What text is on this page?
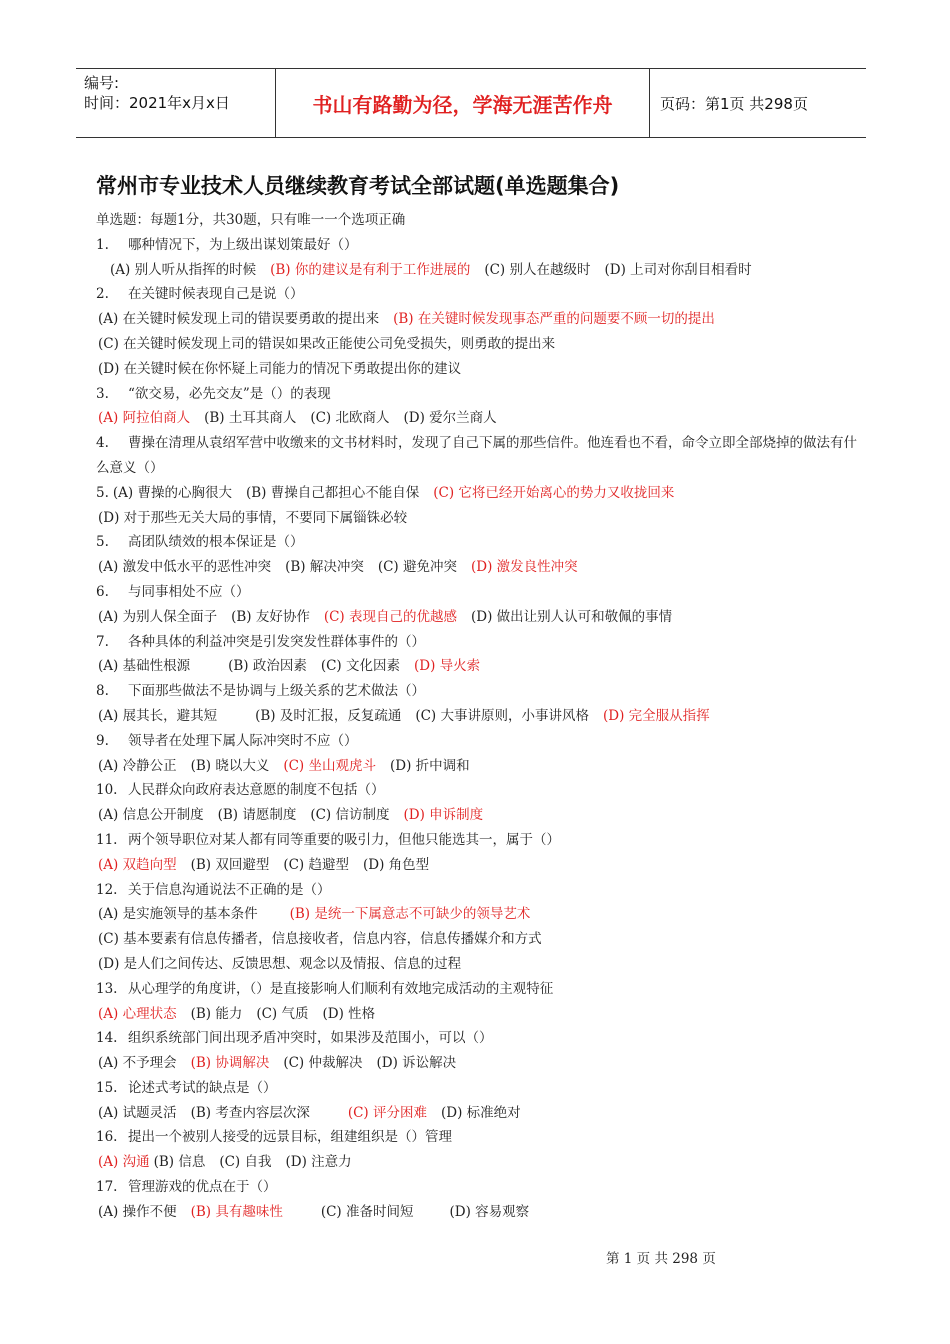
编号:
时间：2021年x月x日	书山有路勤为径，学海无涯苦作舟	页码：第1页 共298页
常州市专业技术人员继续教育考试全部试题(单选题集合)
单选题：每题1分，共30题，只有唯一一个选项正确
1. 哪种情况下，为上级出谋划策最好（）
(A) 别人听从指挥的时候 (B) 你的建议是有利于工作进展的 (C) 别人在越级时 (D) 上司对你刮目相看时
2. 在关键时候表现自己是说（）
(A) 在关键时候发现上司的错误要勇敢的提出来 (B) 在关键时候发现事态严重的问题要不顾一切的提出
(C) 在关键时候发现上司的错误如果改正能使公司免受损失，则勇敢的提出来
(D) 在关键时候在你怀疑上司能力的情况下勇敢提出你的建议
3. “欲交易，必先交友”是（）的表现
(A) 阿拉伯商人 (B) 土耳其商人 (C) 北欧商人 (D) 爱尔兰商人
4. 曹操在清理从袁绍军营中收缴来的文书材料时，发现了自己下属的那些信件。他连看也不看，命令立即全部烧掉的做法有什么意义（）
5. (A) 曹操的心胸很大 (B) 曹操自己都担心不能自保 (C) 它将已经开始离心的势力又收拢回来
(D) 对于那些无关大局的事情，不要同下属锱铢必较
5. 高团队绩效的根本保证是（）
(A) 激发中低水平的恶性冲突 (B) 解决冲突 (C) 避免冲突 (D) 激发良性冲突
6. 与同事相处不应（）
(A) 为别人保全面子 (B) 友好协作 (C) 表现自己的优越感 (D) 做出让别人认可和敬佩的事情
7. 各种具体的利益冲突是引发突发性群体事件的（）
(A) 基础性根源	(B) 政治因素 (C) 文化因素 (D) 导火索
8. 下面那些做法不是协调与上级关系的艺术做法（）
(A) 展其长，避其短	(B) 及时汇报，反复疏通 (C) 大事讲原则，小事讲风格 (D) 完全服从指挥
9. 领导者在处理下属人际冲突时不应（）
(A) 冷静公正 (B) 晓以大义 (C) 坐山观虎斗 (D) 折中调和
10. 人民群众向政府表达意愿的制度不包括（）
(A) 信息公开制度 (B) 请愿制度 (C) 信访制度 (D) 申诉制度
11. 两个领导职位对某人都有同等重要的吸引力，但他只能选其一，属于（）
(A) 双趋向型 (B) 双回避型 (C) 趋避型 (D) 角色型
12. 关于信息沟通说法不正确的是（）
(A) 是实施领导的基本条件 (B) 是统一下属意志不可缺少的领导艺术
(C) 基本要素有信息传播者，信息接收者，信息内容，信息传播媒介和方式
(D) 是人们之间传达、反馈思想、观念以及情报、信息的过程
13. 从心理学的角度讲，（）是直接影响人们顺利有效地完成活动的主观特征
(A) 心理状态 (B) 能力 (C) 气质 (D) 性格
14. 组织系统部门间出现矛盾冲突时，如果涉及范围小，可以（）
(A) 不予理会 (B) 协调解决 (C) 仲裁解决 (D) 诉讼解决
15. 论述式考试的缺点是（）
(A) 试题灵活 (B) 考查内容层次深	(C) 评分困难 (D) 标准绝对
16. 提出一个被别人接受的远景目标，组建组织是（）管理
(A) 沟通 (B) 信息 (C) 自我 (D) 注意力
17. 管理游戏的优点在于（）
(A) 操作不便 (B) 具有趣味性	(C) 准备时间短	(D) 容易观察
第 1 页 共 298 页
